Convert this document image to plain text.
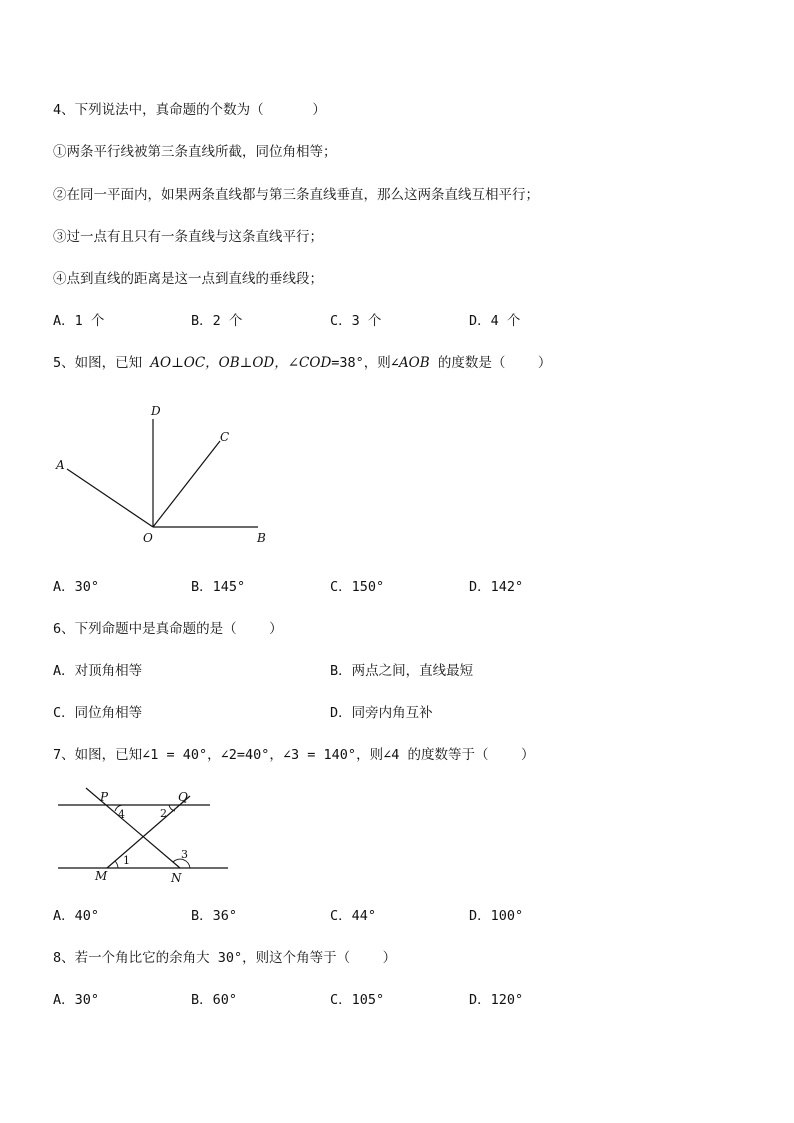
4、下列说法中，真命题的个数为（      ）
①两条平行线被第三条直线所截，同位角相等；
②在同一平面内，如果两条直线都与第三条直线垂直，那么这两条直线互相平行；
③过一点有且只有一条直线与这条直线平行；
④点到直线的距离是这一点到直线的垂线段；
A．1 个	B．2 个	C．3 个	D．4 个
5、如图，已知 AO⊥OC，OB⊥OD，∠COD=38°，则∠AOB 的度数是（    ）
D
C
A
O	B
A．30°	B．145°	C．150°	D．142°
6、下列命题中是真命题的是（    ）
A．对顶角相等	B．两点之间，直线最短
C．同位角相等	D．同旁内角互补
7、如图，已知∠1 = 40°，∠2=40°，∠3 = 140°，则∠4 的度数等于（    ）
P	Q
M	N
1
2
3
4
A．40°	B．36°	C．44°	D．100°
8、若一个角比它的余角大 30°，则这个角等于（    ）
A．30°	B．60°	C．105°	D．120°
